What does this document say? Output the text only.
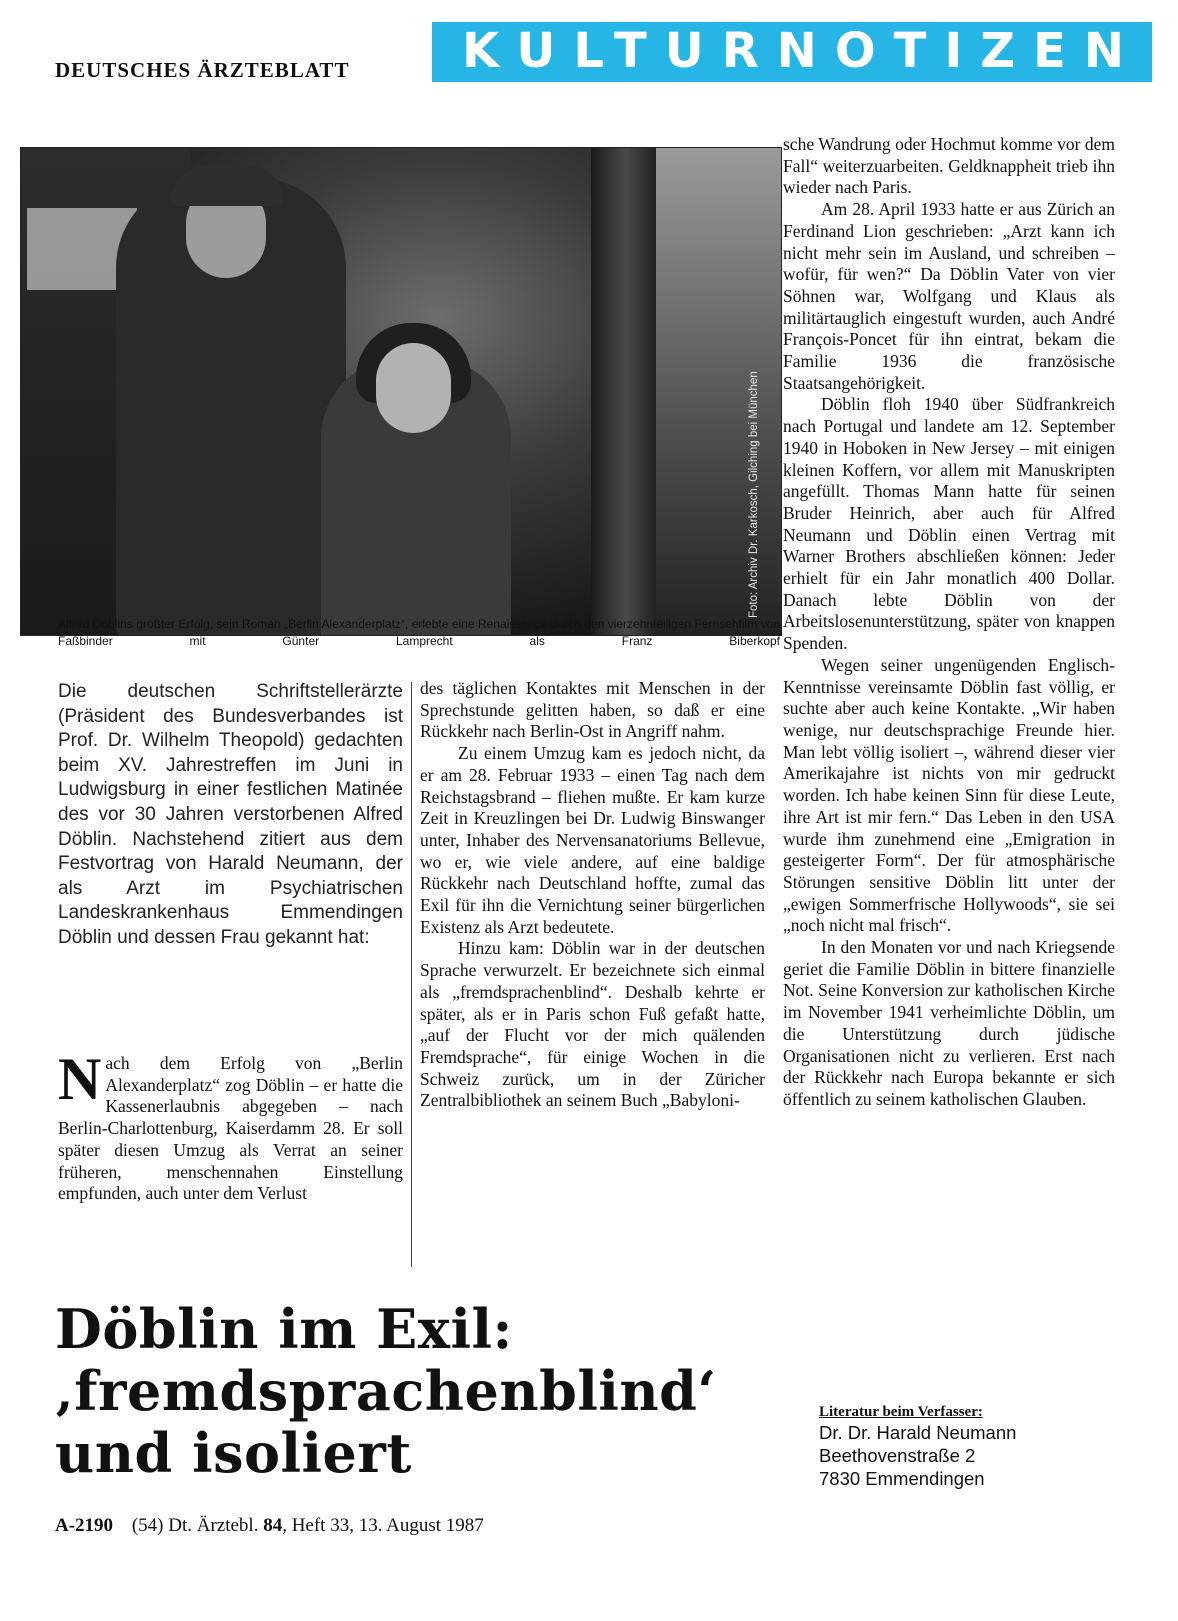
DEUTSCHES ÄRZTEBLATT KULTURNOTIZEN
Foto: Archiv Dr. Karkosch, Gilching bei München
Alfred Döblins größter Erfolg, sein Roman „Berlin Alexanderplatz“, erlebte eine Renaissance durch den vierzehnteiligen Fernsehfilm von Faßbinder mit Günter Lamprecht als Franz Biberkopf
Die deutschen Schriftstellerärzte (Präsident des Bundesverbandes ist Prof. Dr. Wilhelm Theopold) gedachten beim XV. Jahrestreffen im Juni in Ludwigsburg in einer festlichen Matinée des vor 30 Jahren verstorbenen Alfred Döblin. Nachstehend zitiert aus dem Festvortrag von Harald Neumann, der als Arzt im Psychiatrischen Landeskrankenhaus Emmendingen Döblin und dessen Frau gekannt hat:

Nach dem Erfolg von „Berlin Alexanderplatz“ zog Döblin – er hatte die Kassenerlaubnis abgegeben – nach Berlin-Charlottenburg, Kaiserdamm 28. Er soll später diesen Umzug als Verrat an seiner früheren, menschennahen Einstellung empfunden, auch unter dem Verlust

des täglichen Kontaktes mit Menschen in der Sprechstunde gelitten haben, so daß er eine Rückkehr nach Berlin-Ost in Angriff nahm.

Zu einem Umzug kam es jedoch nicht, da er am 28. Februar 1933 – einen Tag nach dem Reichstagsbrand – fliehen mußte. Er kam kurze Zeit in Kreuzlingen bei Dr. Ludwig Binswanger unter, Inhaber des Nervensanatoriums Bellevue, wo er, wie viele andere, auf eine baldige Rückkehr nach Deutschland hoffte, zumal das Exil für ihn die Vernichtung seiner bürgerlichen Existenz als Arzt bedeutete.

Hinzu kam: Döblin war in der deutschen Sprache verwurzelt. Er bezeichnete sich einmal als „fremdsprachenblind“. Deshalb kehrte er später, als er in Paris schon Fuß gefaßt hatte, „auf der Flucht vor der mich quälenden Fremdsprache“, für einige Wochen in die Schweiz zurück, um in der Züricher Zentralbibliothek an seinem Buch „Babyloni-

sche Wandrung oder Hochmut komme vor dem Fall“ weiterzuarbeiten. Geldknappheit trieb ihn wieder nach Paris.

Am 28. April 1933 hatte er aus Zürich an Ferdinand Lion geschrieben: „Arzt kann ich nicht mehr sein im Ausland, und schreiben – wofür, für wen?“ Da Döblin Vater von vier Söhnen war, Wolfgang und Klaus als militärtauglich eingestuft wurden, auch André François-Poncet für ihn eintrat, bekam die Familie 1936 die französische Staatsangehörigkeit.

Döblin floh 1940 über Südfrankreich nach Portugal und landete am 12. September 1940 in Hoboken in New Jersey – mit einigen kleinen Koffern, vor allem mit Manuskripten angefüllt. Thomas Mann hatte für seinen Bruder Heinrich, aber auch für Alfred Neumann und Döblin einen Vertrag mit Warner Brothers abschließen können: Jeder erhielt für ein Jahr monatlich 400 Dollar. Danach lebte Döblin von der Arbeitslosenunterstützung, später von knappen Spenden.

Wegen seiner ungenügenden Englisch-Kenntnisse vereinsamte Döblin fast völlig, er suchte aber auch keine Kontakte. „Wir haben wenige, nur deutschsprachige Freunde hier. Man lebt völlig isoliert –, während dieser vier Amerikajahre ist nichts von mir gedruckt worden. Ich habe keinen Sinn für diese Leute, ihre Art ist mir fern.“ Das Leben in den USA wurde ihm zunehmend eine „Emigration in gesteigerter Form“. Der für atmosphärische Störungen sensitive Döblin litt unter der „ewigen Sommerfrische Hollywoods“, sie sei „noch nicht mal frisch“.

In den Monaten vor und nach Kriegsende geriet die Familie Döblin in bittere finanzielle Not. Seine Konversion zur katholischen Kirche im November 1941 verheimlichte Döblin, um die Unterstützung durch jüdische Organisationen nicht zu verlieren. Erst nach der Rückkehr nach Europa bekannte er sich öffentlich zu seinem katholischen Glauben.

Döblin im Exil:
‚fremdsprachenblind‘
und isoliert
Literatur beim Verfasser:
Dr. Dr. Harald Neumann
Beethovenstraße 2
7830 Emmendingen
A-2190 (54) Dt. Ärztebl. 84, Heft 33, 13. August 1987
